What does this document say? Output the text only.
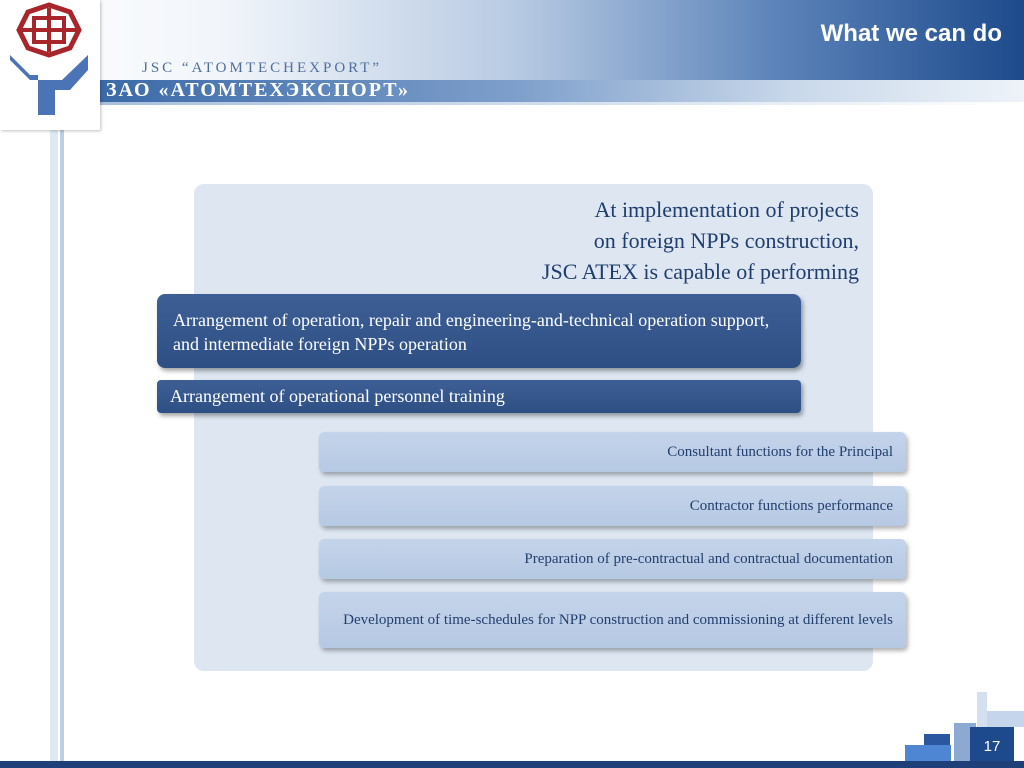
What we can do
JSC “ATOMTECHEXPORT”
ЗАО «АТОМТЕХЭКСПОРТ»
At implementation of projects
on foreign NPPs construction,
JSC ATEX is capable of performing
Arrangement of operation, repair and engineering-and-technical operation support, and intermediate foreign NPPs operation
Arrangement of operational personnel training
Consultant functions for the Principal
Contractor functions performance
Preparation of pre-contractual and contractual documentation
Development of time-schedules for NPP construction and commissioning at different levels
17
